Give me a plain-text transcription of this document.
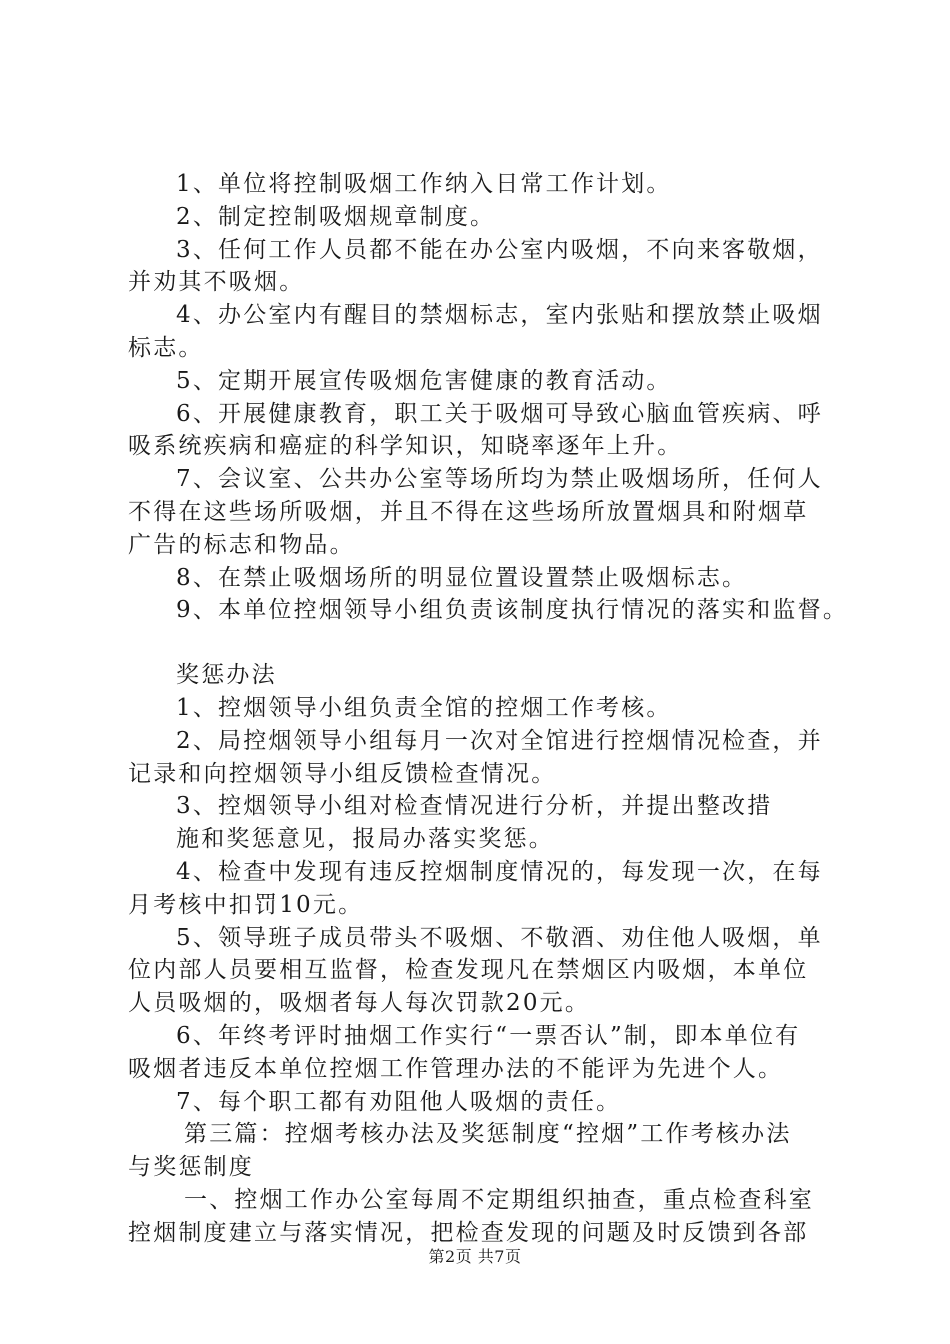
1、单位将控制吸烟工作纳入日常工作计划。
2、制定控制吸烟规章制度。
3、任何工作人员都不能在办公室内吸烟，不向来客敬烟，
并劝其不吸烟。
4、办公室内有醒目的禁烟标志，室内张贴和摆放禁止吸烟
标志。
5、定期开展宣传吸烟危害健康的教育活动。
6、开展健康教育，职工关于吸烟可导致心脑血管疾病、呼
吸系统疾病和癌症的科学知识，知晓率逐年上升。
7、会议室、公共办公室等场所均为禁止吸烟场所，任何人
不得在这些场所吸烟，并且不得在这些场所放置烟具和附烟草
广告的标志和物品。
8、在禁止吸烟场所的明显位置设置禁止吸烟标志。
9、本单位控烟领导小组负责该制度执行情况的落实和监督。
奖惩办法
1、控烟领导小组负责全馆的控烟工作考核。
2、局控烟领导小组每月一次对全馆进行控烟情况检查，并
记录和向控烟领导小组反馈检查情况。
3、控烟领导小组对检查情况进行分析，并提出整改措
施和奖惩意见，报局办落实奖惩。
4、检查中发现有违反控烟制度情况的，每发现一次，在每
月考核中扣罚10元。
5、领导班子成员带头不吸烟、不敬酒、劝住他人吸烟，单
位内部人员要相互监督，检查发现凡在禁烟区内吸烟，本单位
人员吸烟的，吸烟者每人每次罚款20元。
6、年终考评时抽烟工作实行“一票否认”制，即本单位有
吸烟者违反本单位控烟工作管理办法的不能评为先进个人。
7、每个职工都有劝阻他人吸烟的责任。
第三篇：控烟考核办法及奖惩制度“控烟”工作考核办法
与奖惩制度
一、控烟工作办公室每周不定期组织抽查，重点检查科室
控烟制度建立与落实情况，把检查发现的问题及时反馈到各部
第2页 共7页
